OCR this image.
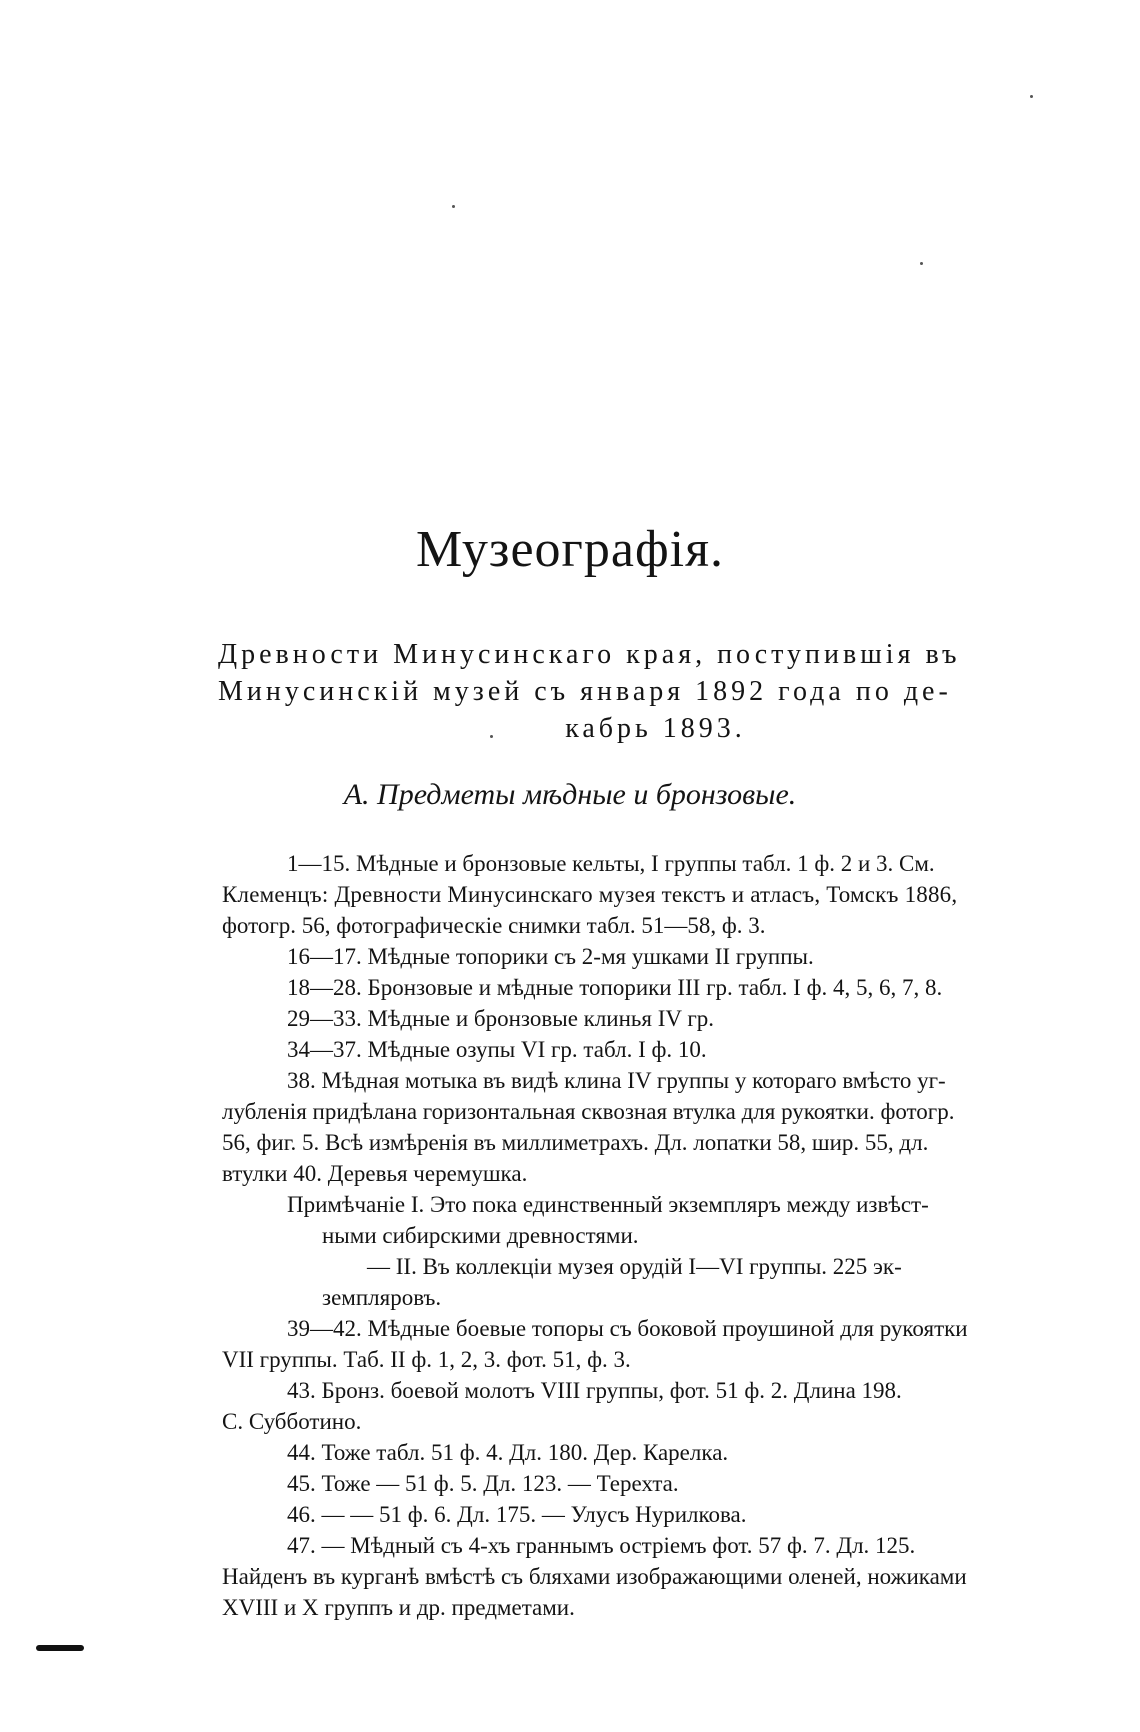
Музеографія.
Древности Минусинскаго края, поступившія въ
Минусинскій музей съ января 1892 года по де-
кабрь 1893.
А. Предметы мѣдные и бронзовые.
1—15. Мѣдные и бронзовые кельты, I группы табл. 1 ф. 2 и 3. См.
Клеменцъ: Древности Минусинскаго музея текстъ и атласъ, Томскъ 1886,
фотогр. 56, фотографическіе снимки табл. 51—58, ф. 3.
16—17. Мѣдные топорики съ 2-мя ушками II группы.
18—28. Бронзовые и мѣдные топорики III гр. табл. I ф. 4, 5, 6, 7, 8.
29—33. Мѣдные и бронзовые клинья IV гр.
34—37. Мѣдные озупы VI гр. табл. I ф. 10.
38. Мѣдная мотыка въ видѣ клина IV группы у котораго вмѣсто уг-
лубленія придѣлана горизонтальная сквозная втулка для рукоятки. фотогр.
56, фиг. 5. Всѣ измѣренія въ миллиметрахъ. Дл. лопатки 58, шир. 55, дл.
втулки 40. Деревья черемушка.
Примѣчаніе I. Это пока единственный экземпляръ между извѣст-
ными сибирскими древностями.
— II. Въ коллекціи музея орудій I—VI группы. 225 эк-
земпляровъ.
39—42. Мѣдные боевые топоры съ боковой проушиной для рукоятки
VII группы. Таб. II ф. 1, 2, 3. фот. 51, ф. 3.
43. Бронз. боевой молотъ VIII группы, фот. 51 ф. 2. Длина 198.
С. Субботино.
44. Тоже табл. 51 ф. 4. Дл. 180. Дер. Карелка.
45. Тоже — 51 ф. 5. Дл. 123. — Терехта.
46. — — 51 ф. 6. Дл. 175. — Улусъ Нурилкова.
47. — Мѣдный съ 4-хъ граннымъ остріемъ фот. 57 ф. 7. Дл. 125.
Найденъ въ курганѣ вмѣстѣ съ бляхами изображающими оленей, ножиками
XVIII и X группъ и др. предметами.
